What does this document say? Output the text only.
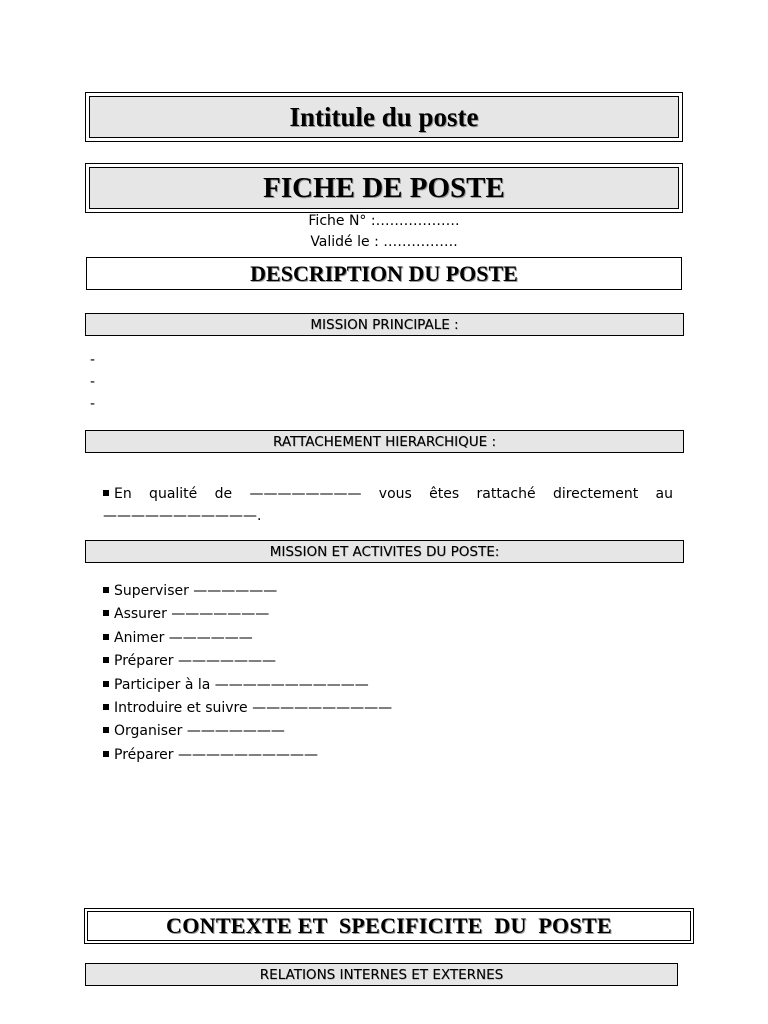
Intitule du poste
FICHE DE POSTE
Fiche N° :………………
Validé le : …………….
DESCRIPTION DU POSTE
MISSION PRINCIPALE :
-
-
-
RATTACHEMENT HIERARCHIQUE :
En qualité de ———————— vous êtes rattaché directement au ———————————.
MISSION ET ACTIVITES DU POSTE:
Superviser ——————
Assurer ———————
Animer ——————
Préparer ———————
Participer à la ———————————
Introduire et suivre ——————————
Organiser ———————
Préparer ——————————
CONTEXTE ET  SPECIFICITE  DU  POSTE
RELATIONS INTERNES ET EXTERNES
